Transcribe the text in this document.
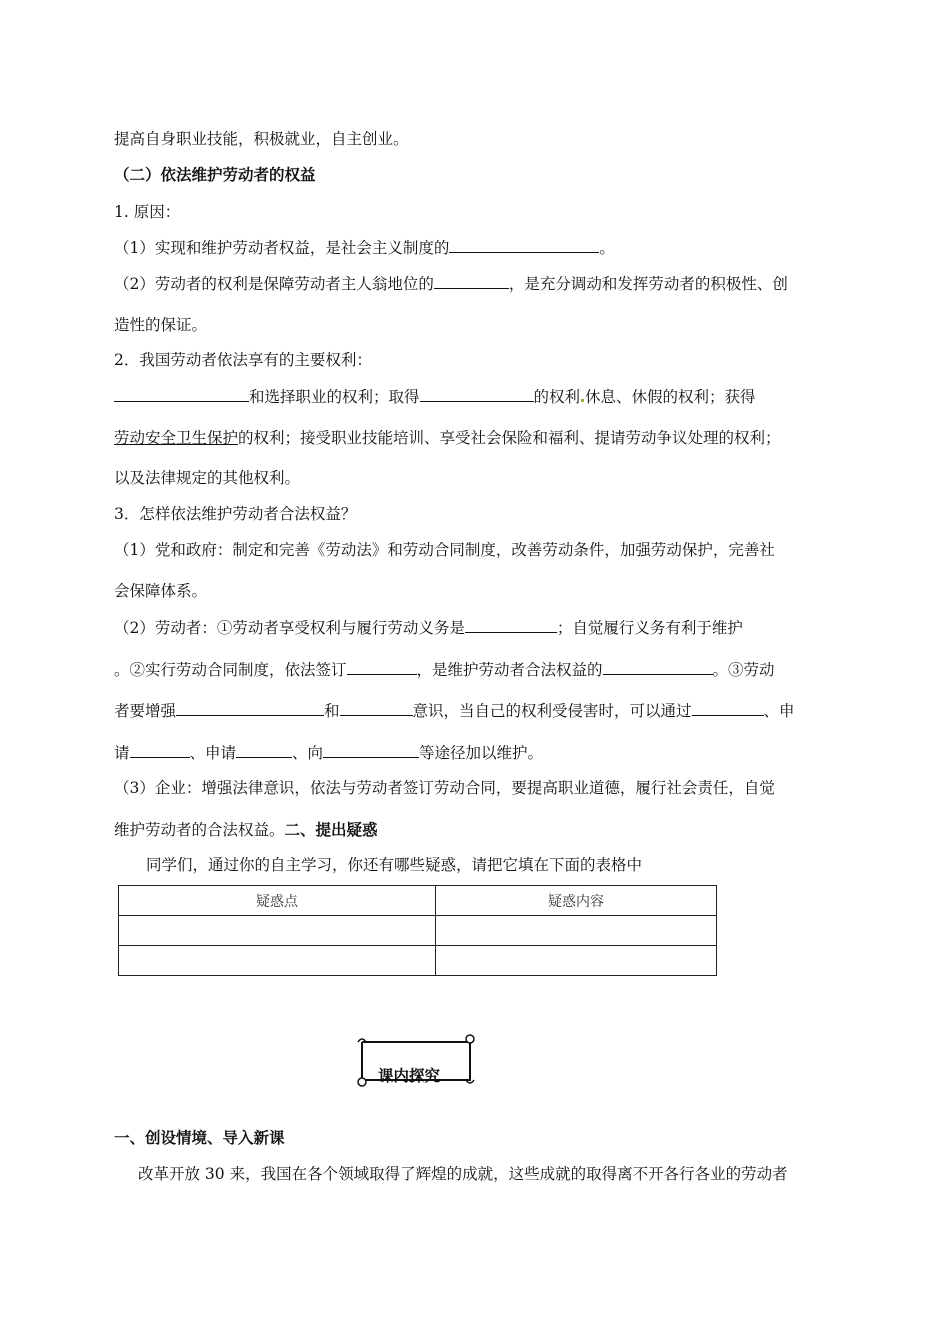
提高自身职业技能，积极就业，自主创业。
（二）依法维护劳动者的权益
1. 原因：
（1）实现和维护劳动者权益，是社会主义制度的	。
（2）劳动者的权利是保障劳动者主人翁地位的	，是充分调动和发挥劳动者的积极性、创
造性的保证。
2．我国劳动者依法享有的主要权利：
和选择职业的权利；取得	的权利 休息、休假的权利；获得
劳动安全卫生保护的权利；接受职业技能培训、享受社会保险和福利、提请劳动争议处理的权利；
以及法律规定的其他权利。
3．怎样依法维护劳动者合法权益？
（1）党和政府：制定和完善《劳动法》和劳动合同制度，改善劳动条件，加强劳动保护，完善社
会保障体系。
（2）劳动者：①劳动者享受权利与履行劳动义务是	；自觉履行义务有利于维护
。②实行劳动合同制度，依法签订	，是维护劳动者合法权益的	。③劳动
者要增强	和	意识，当自己的权利受侵害时，可以通过	、申
请	、申请	、向	等途径加以维护。
（3）企业：增强法律意识，依法与劳动者签订劳动合同，要提高职业道德，履行社会责任，自觉
维护劳动者的合法权益。二、提出疑惑
同学们，通过你的自主学习，你还有哪些疑惑，请把它填在下面的表格中
疑惑点	疑惑内容

课内探究
一、创设情境、导入新课
改革开放 30 来，我国在各个领域取得了辉煌的成就，这些成就的取得离不开各行各业的劳动者
